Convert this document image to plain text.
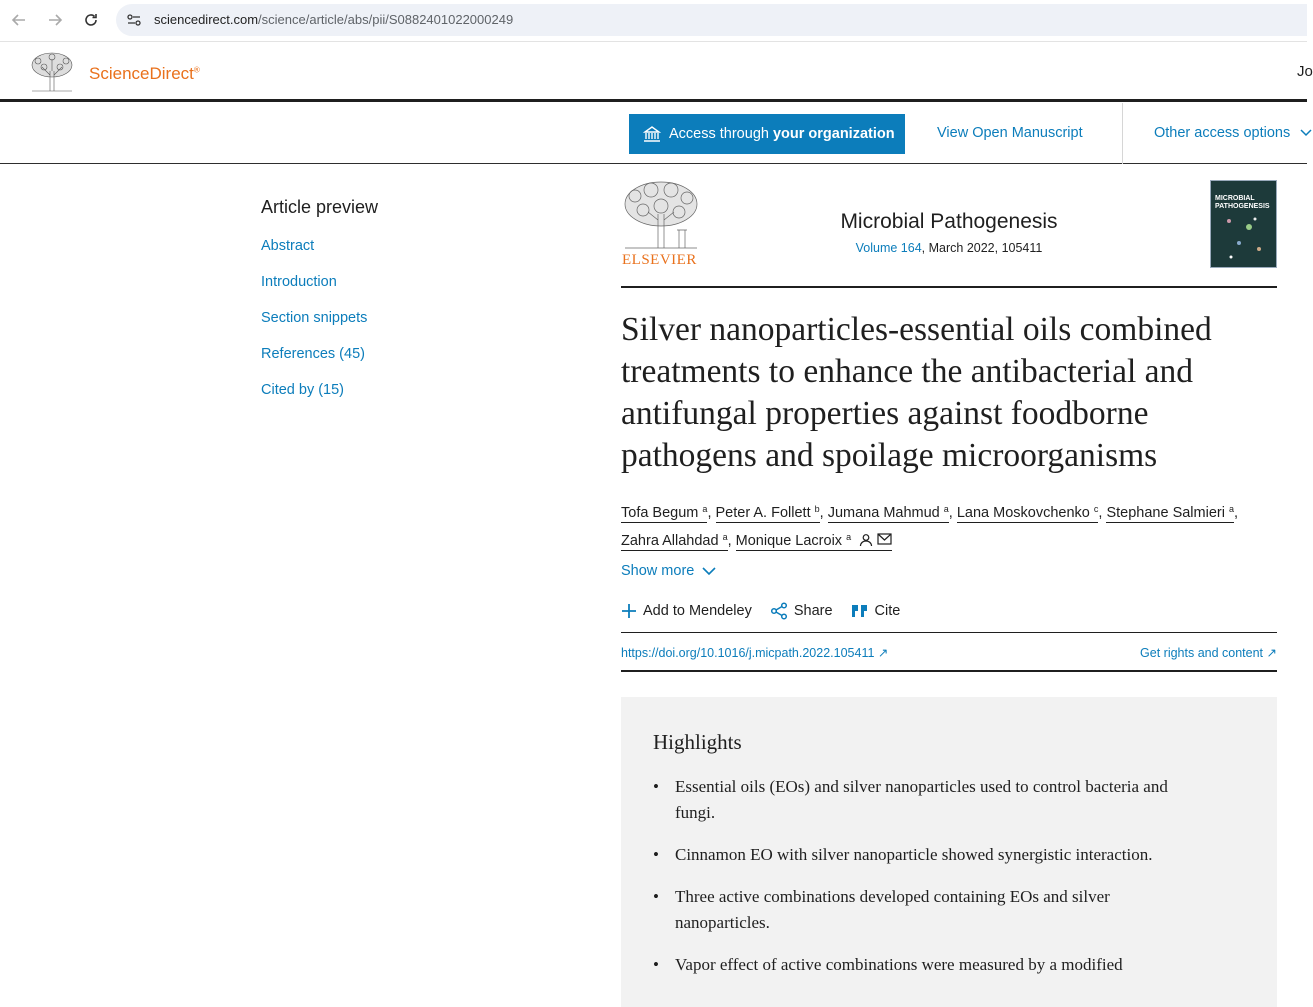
sciencedirect.com/science/article/abs/pii/S0882401022000249
ScienceDirect®	Jo
Access through your organization	View Open Manuscript	Other access options
Article preview
Abstract
Introduction
Section snippets
References (45)
Cited by (15)
ELSEVIER
Microbial Pathogenesis
Volume 164, March 2022, 105411
MICROBIAL
PATHOGENESIS
Silver nanoparticles-essential oils combined treatments to enhance the antibacterial and antifungal properties against foodborne pathogens and spoilage microorganisms
Tofa Begum $^a$, Peter A. Follett $^b$, Jumana Mahmud $^a$, Lana Moskovchenko $^c$, Stephane Salmieri $^a$,
Zahra Allahdad $^a$, Monique Lacroix $^a$
Show more
Add to Mendeley	Share	Cite
https://doi.org/10.1016/j.micpath.2022.105411 ↗	Get rights and content ↗
Highlights
• Essential oils (EOs) and silver nanoparticles used to control bacteria and fungi.
• Cinnamon EO with silver nanoparticle showed synergistic interaction.
• Three active combinations developed containing EOs and silver nanoparticles.
• Vapor effect of active combinations were measured by a modified
